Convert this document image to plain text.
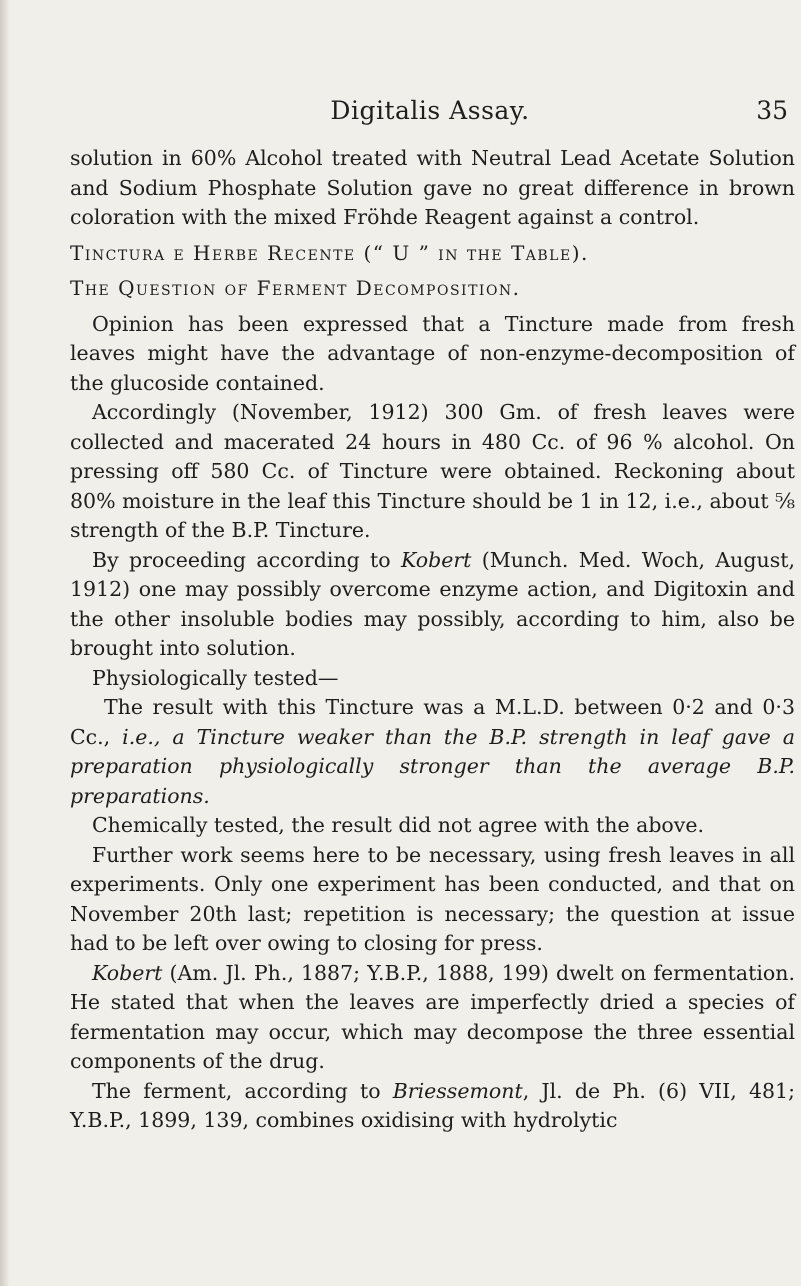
Digitalis Assay.	35

solution in 60% Alcohol treated with Neutral Lead Acetate Solution and Sodium Phosphate Solution gave no great difference in brown coloration with the mixed Fröhde Reagent against a control.

Tinctura e Herbe Recente (“ U ” in the Table).

The Question of Ferment Decomposition.

Opinion has been expressed that a Tincture made from fresh leaves might have the advantage of non-enzyme-decomposition of the glucoside contained.

Accordingly (November, 1912) 300 Gm. of fresh leaves were collected and macerated 24 hours in 480 Cc. of 96 % alcohol. On pressing off 580 Cc. of Tincture were obtained. Reckoning about 80% moisture in the leaf this Tincture should be 1 in 12, i.e., about ⅝ strength of the B.P. Tincture.

By proceeding according to Kobert (Munch. Med. Woch, August, 1912) one may possibly overcome enzyme action, and Digitoxin and the other insoluble bodies may possibly, according to him, also be brought into solution.

Physiologically tested—

The result with this Tincture was a M.L.D. between 0·2 and 0·3 Cc., i.e., a Tincture weaker than the B.P. strength in leaf gave a preparation physiologically stronger than the average B.P. preparations.

Chemically tested, the result did not agree with the above.

Further work seems here to be necessary, using fresh leaves in all experiments. Only one experiment has been conducted, and that on November 20th last; repetition is necessary; the question at issue had to be left over owing to closing for press.

Kobert (Am. Jl. Ph., 1887; Y.B.P., 1888, 199) dwelt on fermentation. He stated that when the leaves are imperfectly dried a species of fermentation may occur, which may decompose the three essential components of the drug.

The ferment, according to Briessemont, Jl. de Ph. (6) VII, 481; Y.B.P., 1899, 139, combines oxidising with hydrolytic
